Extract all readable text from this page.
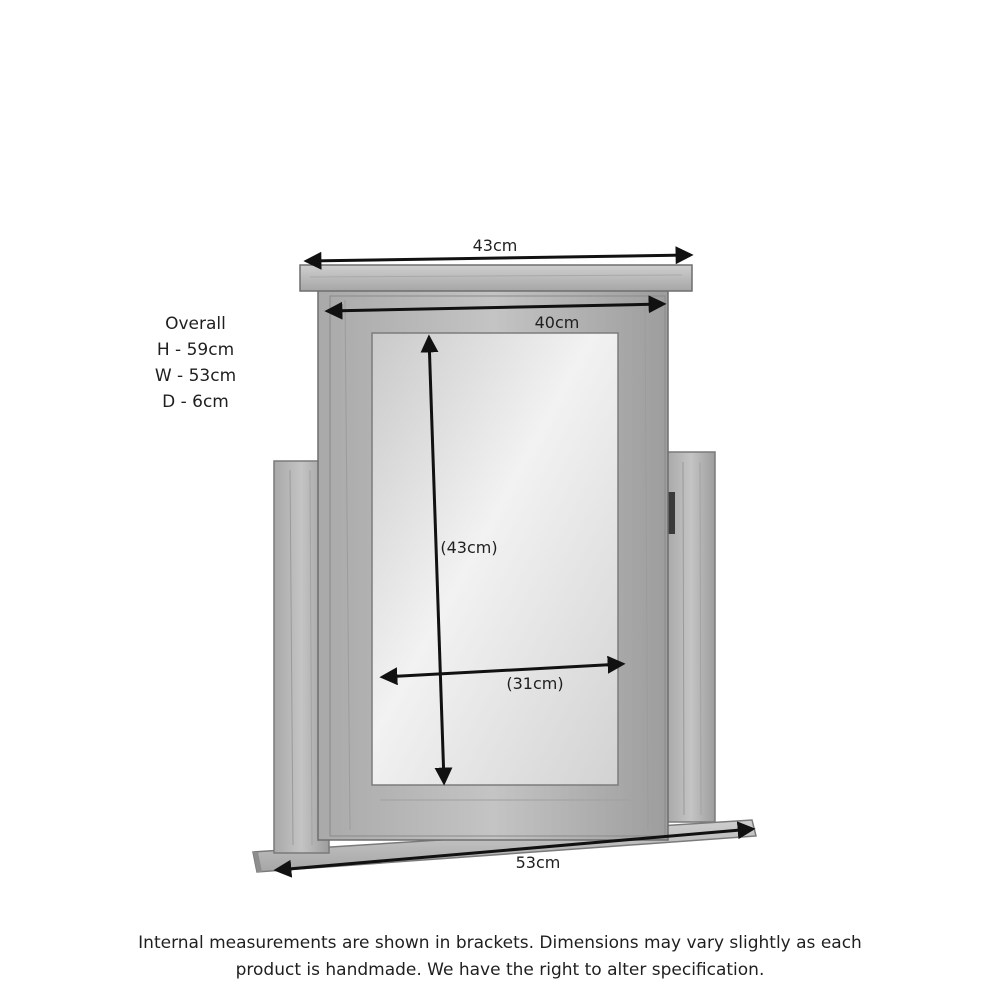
43cm
40cm
(43cm)
(31cm)
53cm
Overall
H - 59cm
W - 53cm
D - 6cm
Internal measurements are shown in brackets. Dimensions may vary slightly as each
product is handmade. We have the right to alter specification.
